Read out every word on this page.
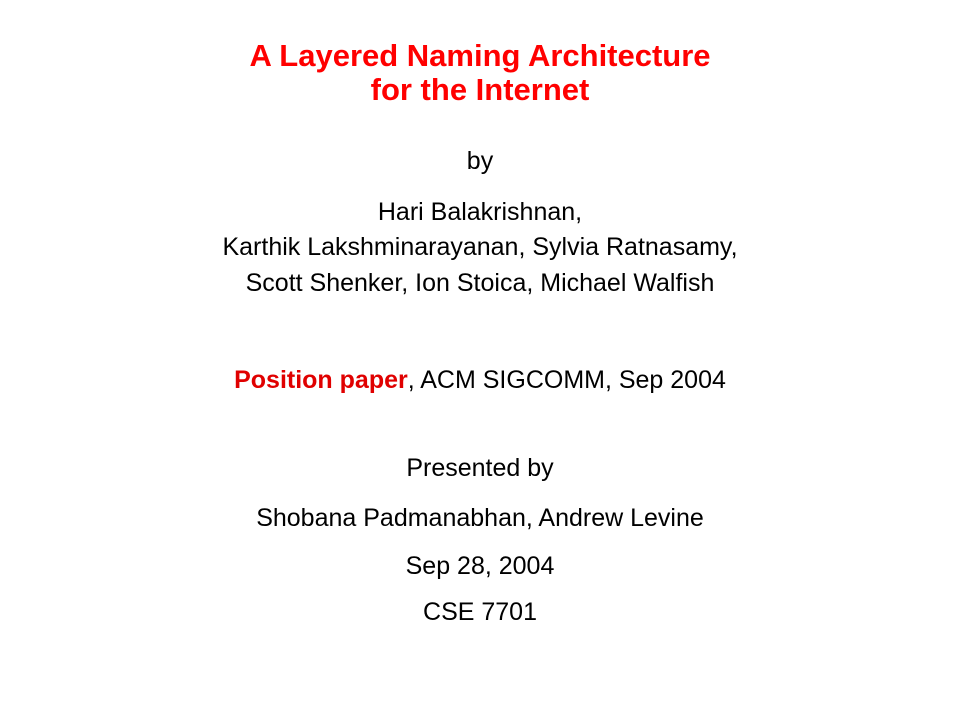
A Layered Naming Architecture
for the Internet
by
Hari Balakrishnan,
Karthik Lakshminarayanan, Sylvia Ratnasamy,
Scott Shenker, Ion Stoica, Michael Walfish
Position paper, ACM SIGCOMM, Sep 2004
Presented by
Shobana Padmanabhan, Andrew Levine
Sep 28, 2004
CSE 7701
